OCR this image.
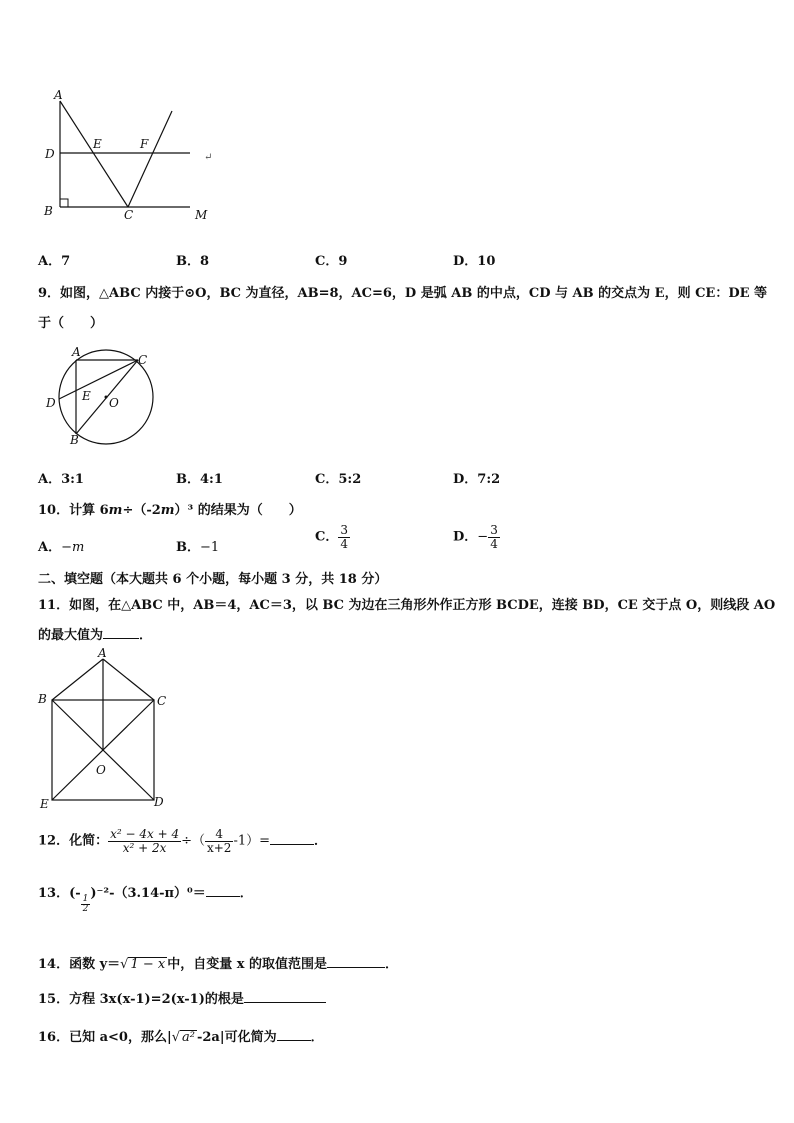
A
D
E	F
B	C	M
↵
A．7	B．8	C．9	D．10
9．如图，△ABC 内接于⊙O，BC 为直径，AB=8，AC=6，D 是弧 AB 的中点，CD 与 AB 的交点为 E，则 CE：DE 等
于（　　）
A
C
D E O
B
A．3:1	B．4:1	C．5:2	D．7:2
10．计算 6m÷（-2m）³ 的结果为（　　）
A．−m	B．−1
C． $\frac{3}{4}$	D．− $\frac{3}{4}$
二、填空题（本大题共 6 个小题，每小题 3 分，共 18 分）
11．如图，在△ABC 中，AB＝4，AC＝3，以 BC 为边在三角形外作正方形 BCDE，连接 BD，CE 交于点 O，则线段 AO
的最大值为	．
A
B	C
O
E	D
12．化简： $\frac{\text{x² − 4x + 4}}{\text{x² + 2x}}$ ÷（ $\frac{4}{x+2} -1)=$	．
13．(-
$\frac{1}{2}$
)⁻²-（3.14-π）⁰＝	．
14．函数 y＝√ 1 − x 中，自变量 x 的取值范围是	．
15．方程 3x(x-1)=2(x-1)的根是
16．已知 a<0，那么|√ a² -2a|可化简为	．
